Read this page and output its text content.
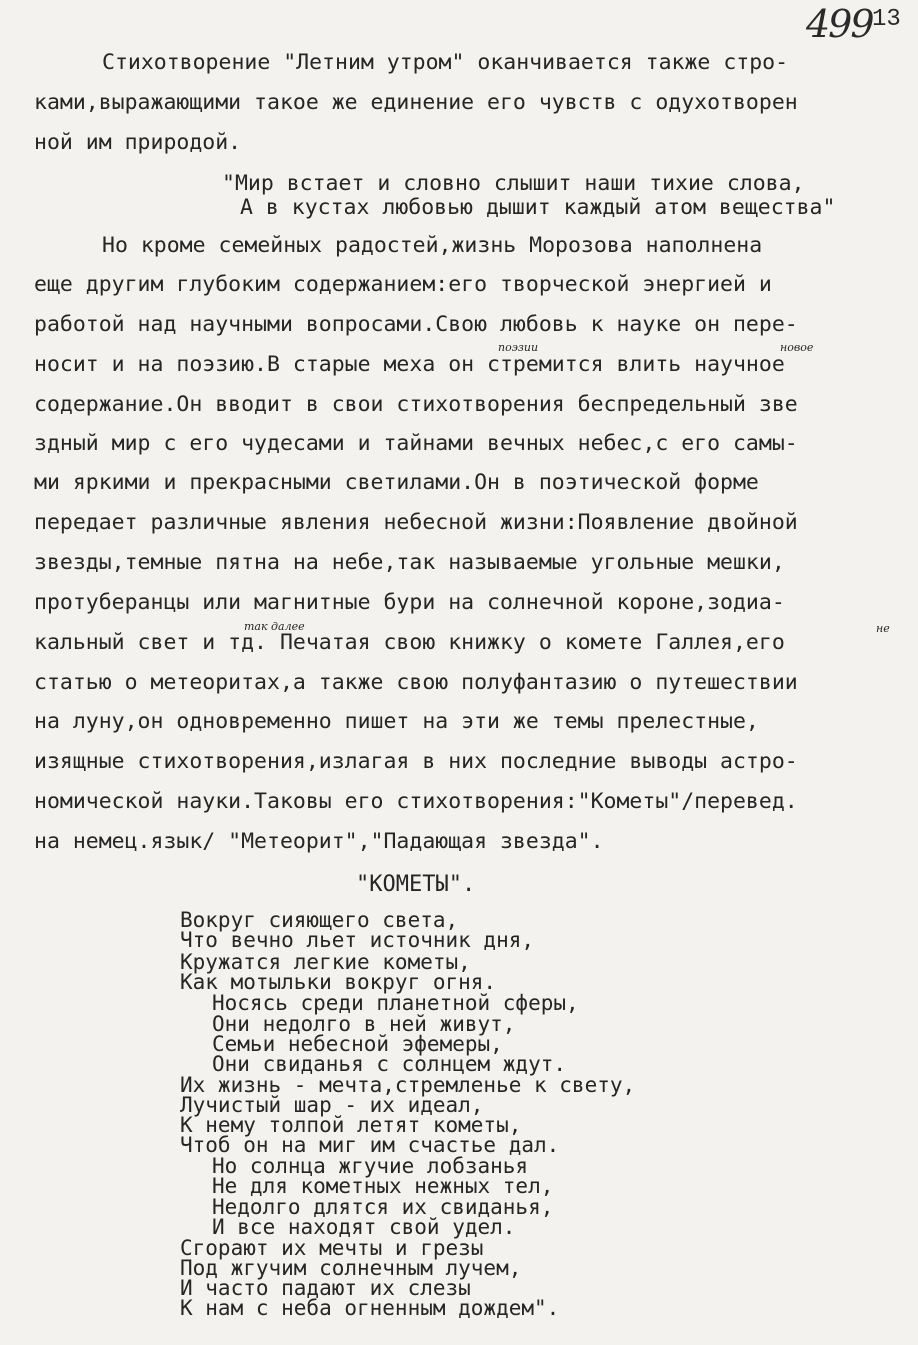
499 13
Стихотворение "Летним утром" оканчивается также стро-
ками,выражающими такое же единение его чувств с одухотворен
ной им природой.
"Мир встает и словно слышит наши тихие слова,
А в кустах любовью дышит каждый атом вещества"
Но кроме семейных радостей,жизнь Морозова наполнена
еще другим глубоким содержанием:его творческой энергией и
работой над научными вопросами.Свою любовь к науке он пере-
носит и на поэзию.В старые меха он стремится влить научное
содержание.Он вводит в свои стихотворения беспредельный зве
здный мир с его чудесами и тайнами вечных небес,с его самы-
ми яркими и прекрасными светилами.Он в поэтической форме
передает различные явления небесной жизни:Появление двойной
звезды,темные пятна на небе,так называемые угольные мешки,
протуберанцы или магнитные бури на солнечной короне,зодиа-
кальный свет и тд. Печатая свою книжку о комете Галлея,его
статью о метеоритах,а также свою полуфантазию о путешествии
на луну,он одновременно пишет на эти же темы прелестные,
изящные стихотворения,излагая в них последние выводы астро-
номической науки.Таковы его стихотворения:"Кометы"/перевед.
на немец.язык/ "Метеорит","Падающая звезда".
поэзии	новое
так далее	не
"КОМЕТЫ".
Вокруг сияющего света,
Что вечно льет источник дня,
Кружатся легкие кометы,
Как мотыльки вокруг огня.
Носясь среди планетной сферы,
Они недолго в ней живут,
Семьи небесной эфемеры,
Они свиданья с солнцем ждут.
Их жизнь - мечта,стремленье к свету,
Лучистый шар - их идеал,
К нему толпой летят кометы,
Чтоб он на миг им счастье дал.
Но солнца жгучие лобзанья
Не для кометных нежных тел,
Недолго длятся их свиданья,
И все находят свой удел.
Сгорают их мечты и грезы
Под жгучим солнечным лучем,
И часто падают их слезы
К нам с неба огненным дождем".
